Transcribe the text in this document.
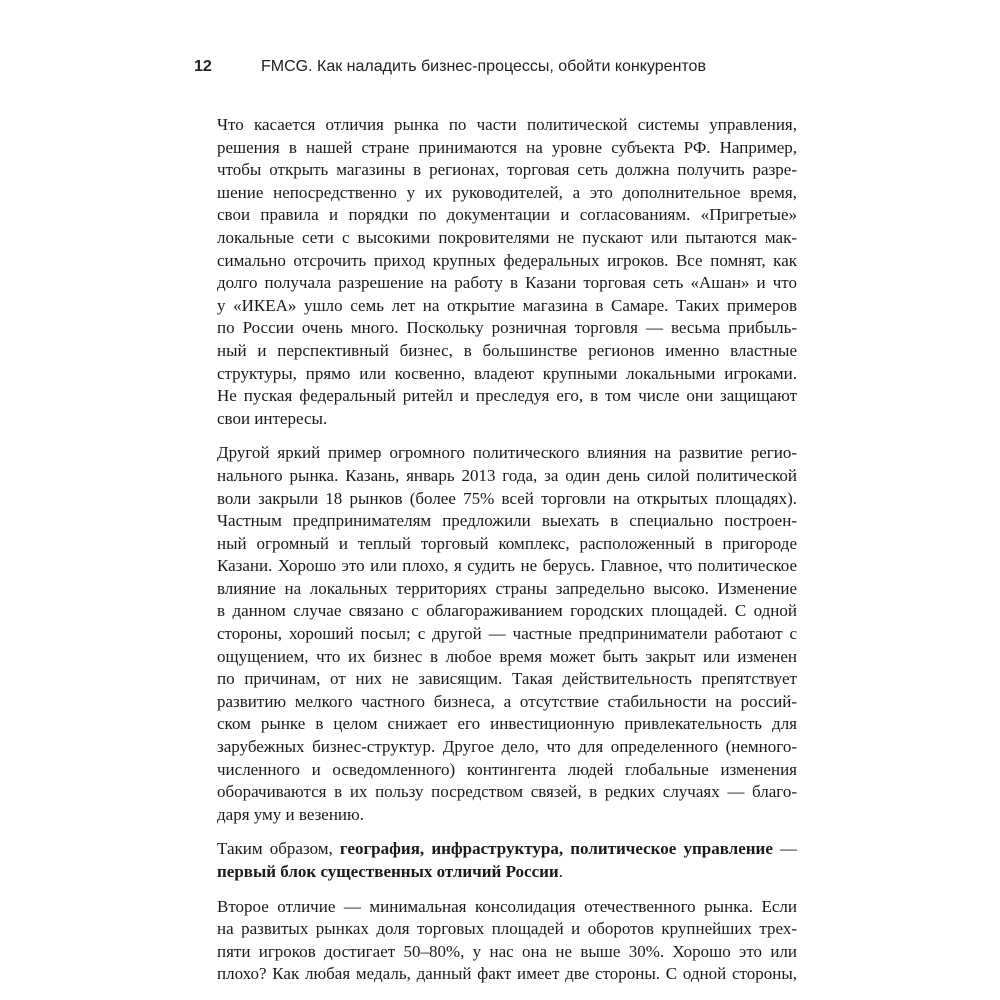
12	FMCG. Как наладить бизнес-процессы, обойти конкурентов
Что касается отличия рынка по части политической системы управления,
решения в нашей стране принимаются на уровне субъекта РФ. Например,
чтобы открыть магазины в регионах, торговая сеть должна получить разре-
шение непосредственно у их руководителей, а это дополнительное время,
свои правила и порядки по документации и согласованиям. «Пригретые»
локальные сети с высокими покровителями не пускают или пытаются мак-
симально отсрочить приход крупных федеральных игроков. Все помнят, как
долго получала разрешение на работу в Казани торговая сеть «Ашан» и что
у «ИКЕА» ушло семь лет на открытие магазина в Самаре. Таких примеров
по России очень много. Поскольку розничная торговля — весьма прибыль-
ный и перспективный бизнес, в большинстве регионов именно властные
структуры, прямо или косвенно, владеют крупными локальными игроками.
Не пуская федеральный ритейл и преследуя его, в том числе они защищают
свои интересы.
Другой яркий пример огромного политического влияния на развитие регио-
нального рынка. Казань, январь 2013 года, за один день силой политической
воли закрыли 18 рынков (более 75% всей торговли на открытых площадях).
Частным предпринимателям предложили выехать в специально построен-
ный огромный и теплый торговый комплекс, расположенный в пригороде
Казани. Хорошо это или плохо, я судить не берусь. Главное, что политическое
влияние на локальных территориях страны запредельно высоко. Изменение
в данном случае связано с облагораживанием городских площадей. С одной
стороны, хороший посыл; с другой — частные предприниматели работают с
ощущением, что их бизнес в любое время может быть закрыт или изменен
по причинам, от них не зависящим. Такая действительность препятствует
развитию мелкого частного бизнеса, а отсутствие стабильности на россий-
ском рынке в целом снижает его инвестиционную привлекательность для
зарубежных бизнес-структур. Другое дело, что для определенного (немного-
численного и осведомленного) контингента людей глобальные изменения
оборачиваются в их пользу посредством связей, в редких случаях — благо-
даря уму и везению.
Таким образом, география, инфраструктура, политическое управление —
первый блок существенных отличий России.
Второе отличие — минимальная консолидация отечественного рынка. Если
на развитых рынках доля торговых площадей и оборотов крупнейших трех-
пяти игроков достигает 50–80%, у нас она не выше 30%. Хорошо это или
плохо? Как любая медаль, данный факт имеет две стороны. С одной стороны,
